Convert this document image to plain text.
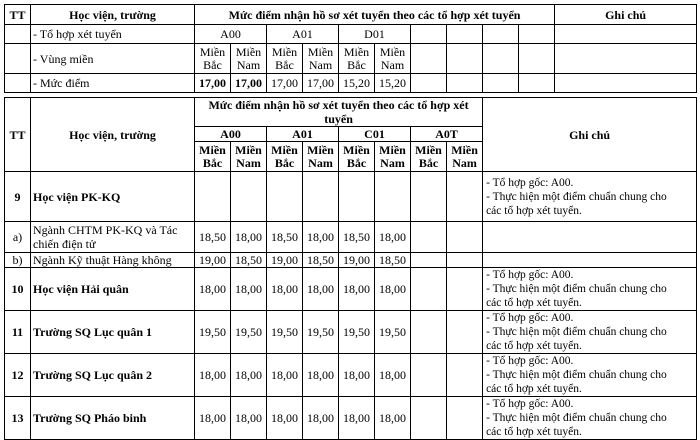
TT	Học viện, trường	Mức điểm nhận hồ sơ xét tuyển theo các tổ hợp xét tuyển										Ghi chú
	- Tổ hợp xét tuyển	A00		A01		D01						
	- Vùng miền	Miền Bắc	Miền Nam	Miền Bắc	Miền Nam	Miền Bắc	Miền Nam					
	- Mức điểm	17,00	17,00	17,00	17,00	15,20	15,20					
TT	Học viện, trường	Mức điểm nhận hồ sơ xét tuyển theo các tổ hợp xét tuyển								Ghi chú
		A00		A01		C01		A0T		
		Miền Bắc	Miền Nam	Miền Bắc	Miền Nam	Miền Bắc	Miền Nam	Miền Bắc	Miền Nam	
9	Học viện PK-KQ									- Tổ hợp gốc: A00.
- Thực hiện một điểm chuẩn chung cho
các tổ hợp xét tuyển.

a)	Ngành CHTM PK-KQ và Tác chiến điện tử	18,50	18,00	18,50	18,00	18,50	18,00			
b)	Ngành Kỹ thuật Hàng không	19,00	18,50	19,00	18,50	19,00	18,50			
10	Học viện Hải quân	18,00	18,00	18,00	18,00	18,00	18,00			- Tổ hợp gốc: A00.
- Thực hiện một điểm chuẩn chung cho
các tổ hợp xét tuyển.

11	Trường SQ Lục quân 1	19,50	19,50	19,50	19,50	19,50	19,50			- Tổ hợp gốc: A00.
- Thực hiện một điểm chuẩn chung cho
các tổ hợp xét tuyển.

12	Trường SQ Lục quân 2	18,00	18,00	18,00	18,00	18,00	18,00			- Tổ hợp gốc: A00.
- Thực hiện một điểm chuẩn chung cho
các tổ hợp xét tuyển.

13	Trường SQ Pháo binh	18,00	18,00	18,00	18,00	18,00	18,00			- Tổ hợp gốc: A00.
- Thực hiện một điểm chuẩn chung cho
các tổ hợp xét tuyển.
